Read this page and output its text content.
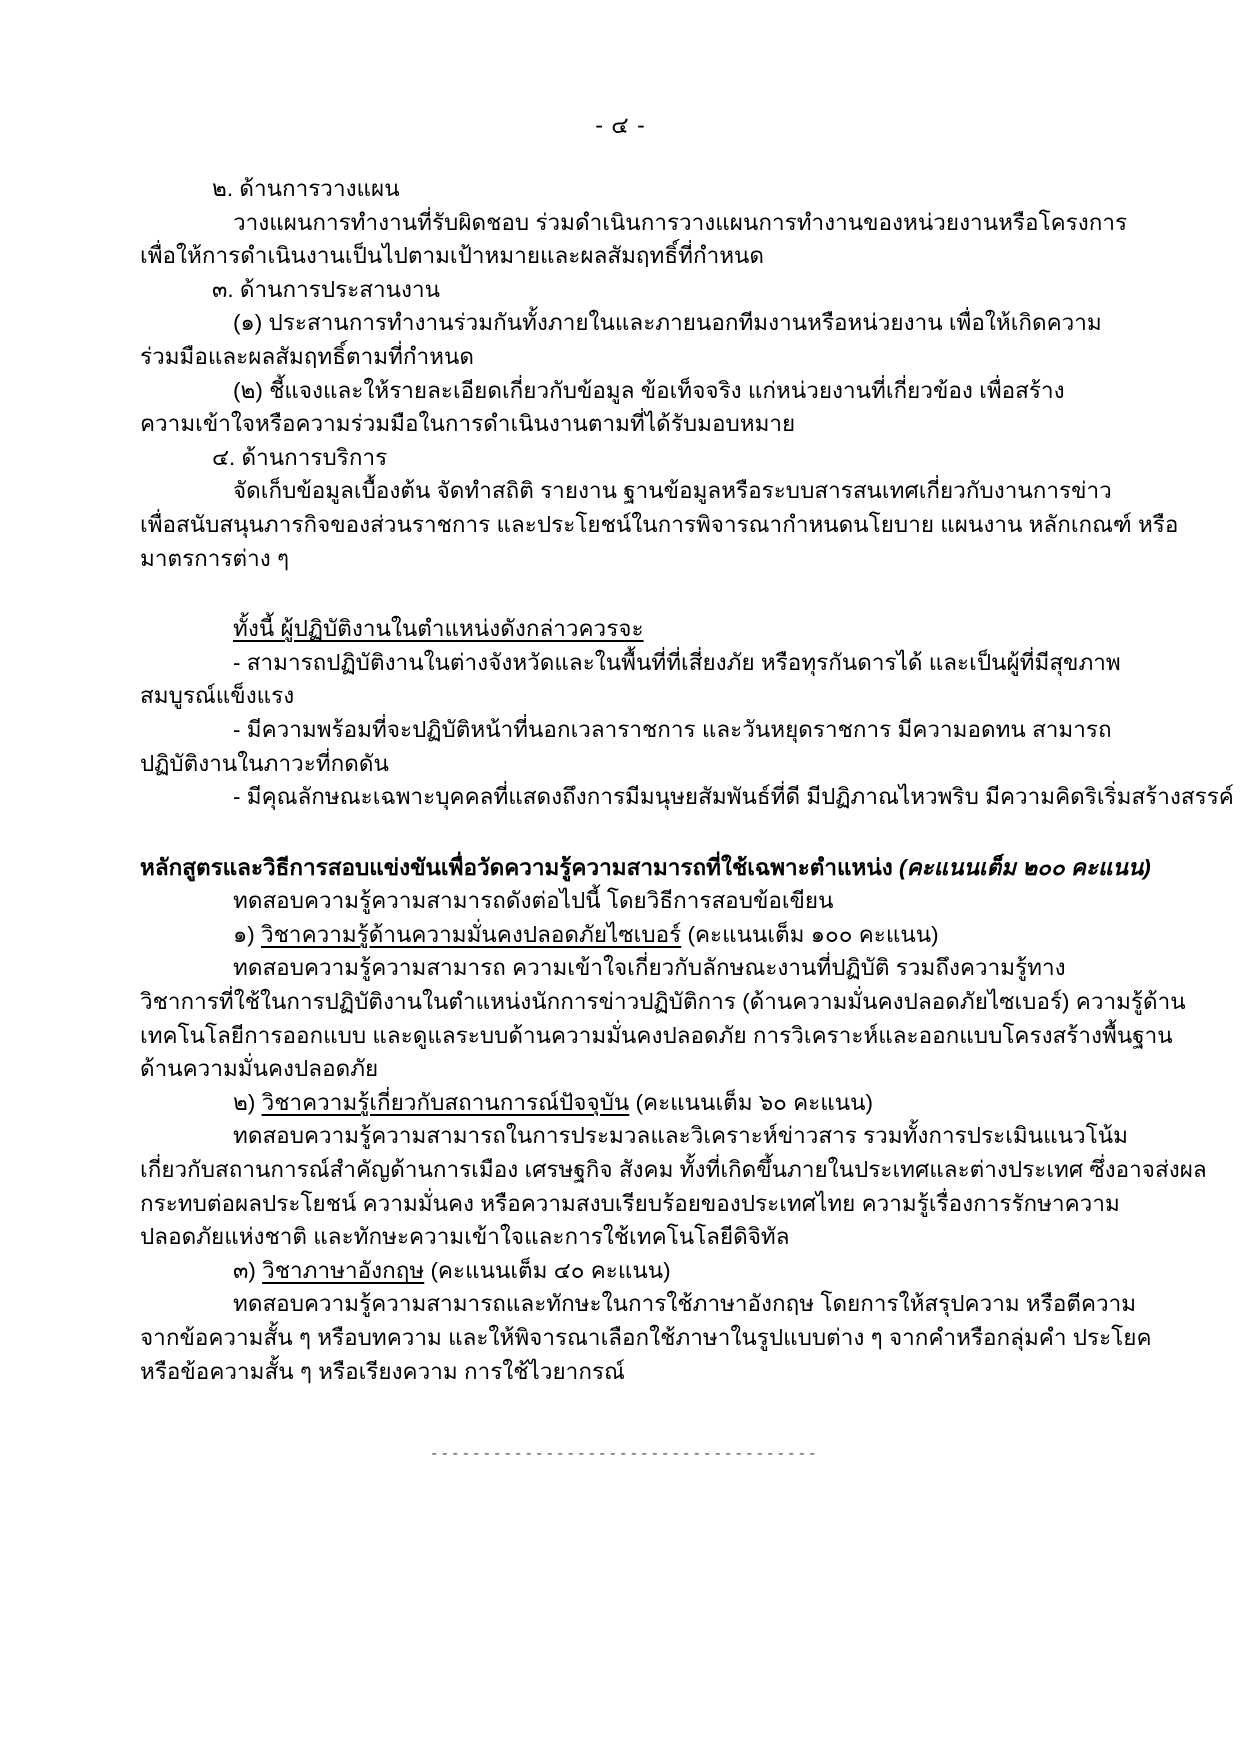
- ๔ -
๒. ด้านการวางแผน
วางแผนการทำงานที่รับผิดชอบ ร่วมดำเนินการวางแผนการทำงานของหน่วยงานหรือโครงการ
เพื่อให้การดำเนินงานเป็นไปตามเป้าหมายและผลสัมฤทธิ์ที่กำหนด
๓. ด้านการประสานงาน
(๑) ประสานการทำงานร่วมกันทั้งภายในและภายนอกทีมงานหรือหน่วยงาน เพื่อให้เกิดความ
ร่วมมือและผลสัมฤทธิ์ตามที่กำหนด
(๒) ชี้แจงและให้รายละเอียดเกี่ยวกับข้อมูล ข้อเท็จจริง แก่หน่วยงานที่เกี่ยวข้อง เพื่อสร้าง
ความเข้าใจหรือความร่วมมือในการดำเนินงานตามที่ได้รับมอบหมาย
๔. ด้านการบริการ
จัดเก็บข้อมูลเบื้องต้น จัดทำสถิติ รายงาน ฐานข้อมูลหรือระบบสารสนเทศเกี่ยวกับงานการข่าว
เพื่อสนับสนุนภารกิจของส่วนราชการ และประโยชน์ในการพิจารณากำหนดนโยบาย แผนงาน หลักเกณฑ์ หรือ
มาตรการต่าง ๆ
ทั้งนี้ ผู้ปฏิบัติงานในตำแหน่งดังกล่าวควรจะ
- สามารถปฏิบัติงานในต่างจังหวัดและในพื้นที่ที่เสี่ยงภัย หรือทุรกันดารได้ และเป็นผู้ที่มีสุขภาพ
สมบูรณ์แข็งแรง
- มีความพร้อมที่จะปฏิบัติหน้าที่นอกเวลาราชการ และวันหยุดราชการ มีความอดทน สามารถ
ปฏิบัติงานในภาวะที่กดดัน
- มีคุณลักษณะเฉพาะบุคคลที่แสดงถึงการมีมนุษยสัมพันธ์ที่ดี มีปฏิภาณไหวพริบ มีความคิดริเริ่มสร้างสรรค์
หลักสูตรและวิธีการสอบแข่งขันเพื่อวัดความรู้ความสามารถที่ใช้เฉพาะตำแหน่ง (คะแนนเต็ม ๒๐๐ คะแนน)
ทดสอบความรู้ความสามารถดังต่อไปนี้ โดยวิธีการสอบข้อเขียน
๑) วิชาความรู้ด้านความมั่นคงปลอดภัยไซเบอร์ (คะแนนเต็ม ๑๐๐ คะแนน)
ทดสอบความรู้ความสามารถ ความเข้าใจเกี่ยวกับลักษณะงานที่ปฏิบัติ รวมถึงความรู้ทาง
วิชาการที่ใช้ในการปฏิบัติงานในตำแหน่งนักการข่าวปฏิบัติการ (ด้านความมั่นคงปลอดภัยไซเบอร์) ความรู้ด้าน
เทคโนโลยีการออกแบบ และดูแลระบบด้านความมั่นคงปลอดภัย การวิเคราะห์และออกแบบโครงสร้างพื้นฐาน
ด้านความมั่นคงปลอดภัย
๒) วิชาความรู้เกี่ยวกับสถานการณ์ปัจจุบัน (คะแนนเต็ม ๖๐ คะแนน)
ทดสอบความรู้ความสามารถในการประมวลและวิเคราะห์ข่าวสาร รวมทั้งการประเมินแนวโน้ม
เกี่ยวกับสถานการณ์สำคัญด้านการเมือง เศรษฐกิจ สังคม ทั้งที่เกิดขึ้นภายในประเทศและต่างประเทศ ซึ่งอาจส่งผล
กระทบต่อผลประโยชน์ ความมั่นคง หรือความสงบเรียบร้อยของประเทศไทย ความรู้เรื่องการรักษาความ
ปลอดภัยแห่งชาติ และทักษะความเข้าใจและการใช้เทคโนโลยีดิจิทัล
๓) วิชาภาษาอังกฤษ (คะแนนเต็ม ๔๐ คะแนน)
ทดสอบความรู้ความสามารถและทักษะในการใช้ภาษาอังกฤษ โดยการให้สรุปความ หรือตีความ
จากข้อความสั้น ๆ หรือบทความ และให้พิจารณาเลือกใช้ภาษาในรูปแบบต่าง ๆ จากคำหรือกลุ่มคำ ประโยค
หรือข้อความสั้น ๆ หรือเรียงความ การใช้ไวยากรณ์
-------------------------------------
